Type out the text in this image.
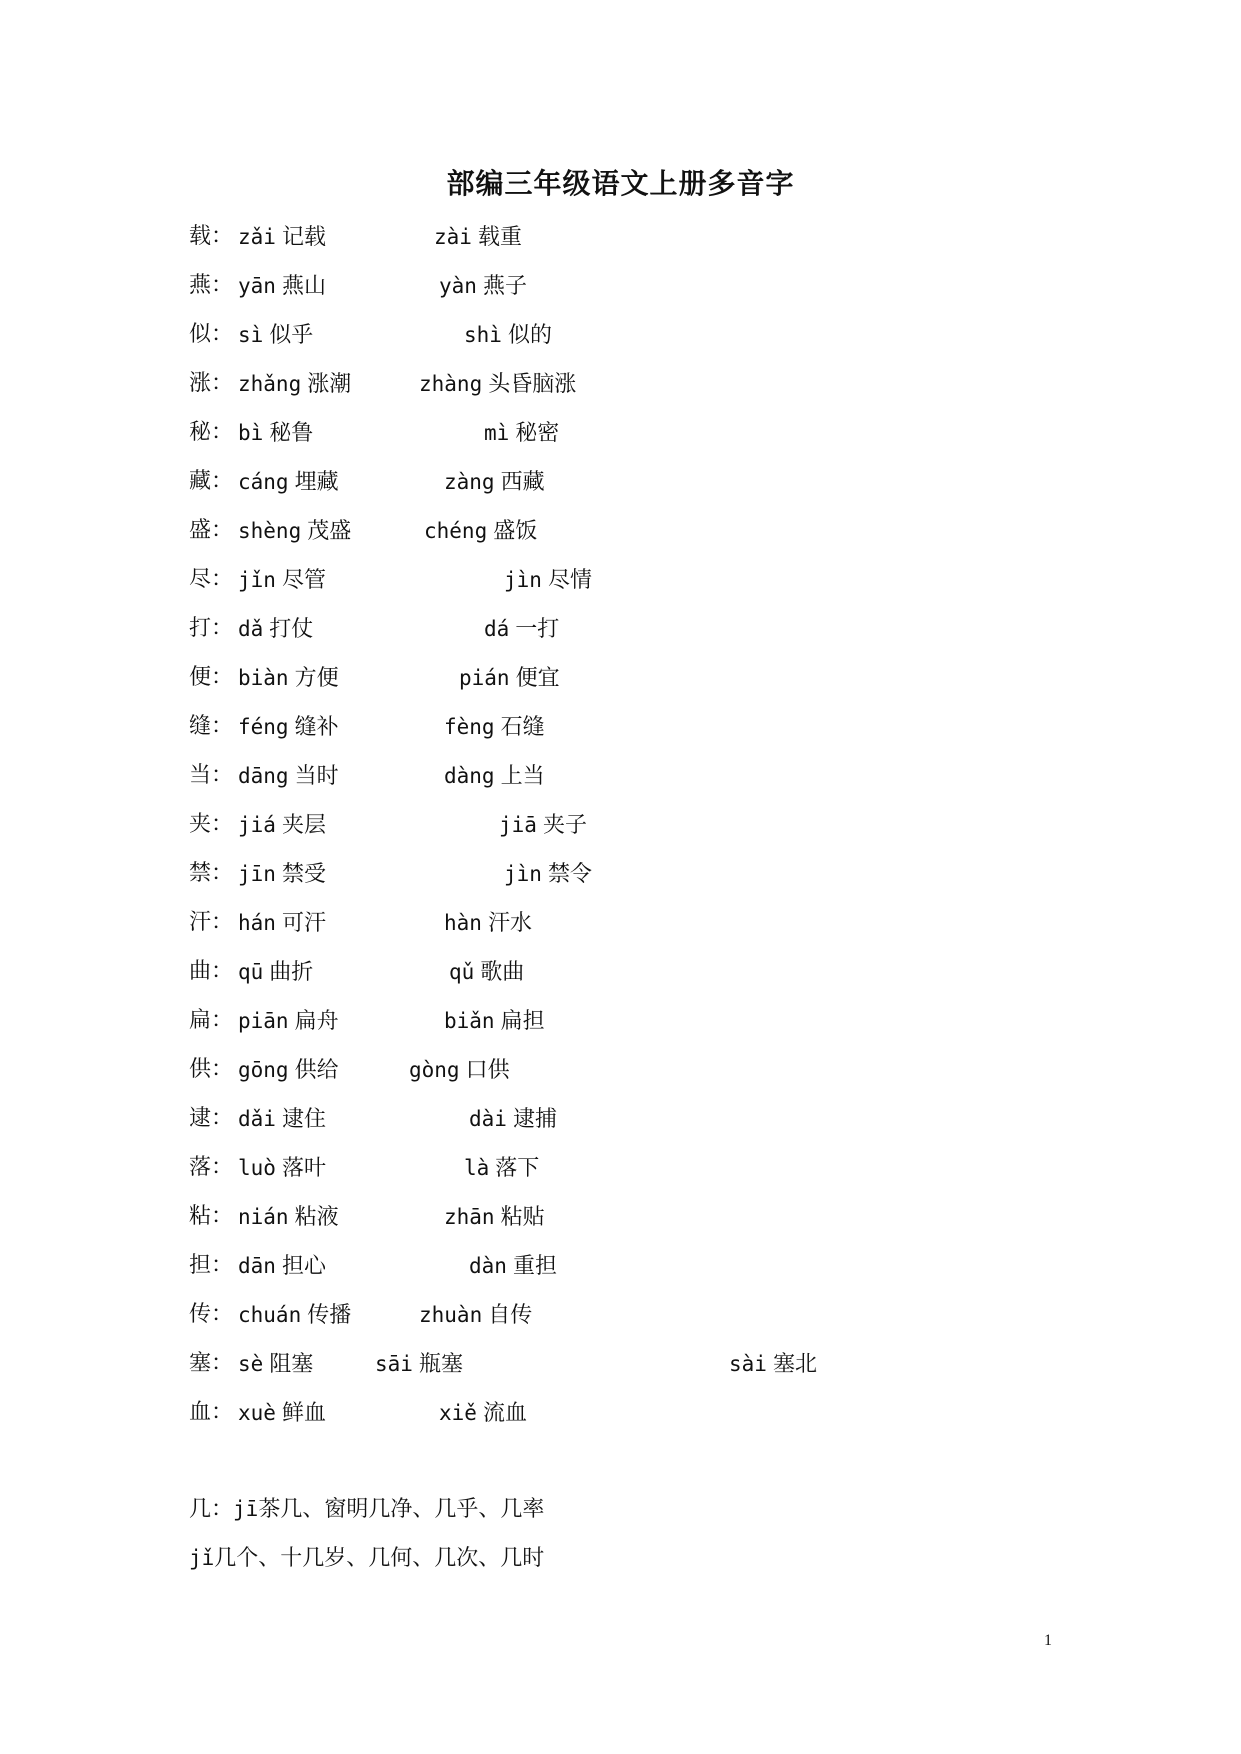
部编三年级语文上册多音字
载： zǎi 记载	zài 载重
燕： yān 燕山	yàn 燕子
似： sì 似乎	shì 似的
涨： zhǎng 涨潮	zhàng 头昏脑涨
秘： bì 秘鲁	mì 秘密
藏： cáng 埋藏	zàng 西藏
盛： shèng 茂盛	chéng 盛饭
尽： jǐn 尽管	jìn 尽情
打： dǎ 打仗	dá 一打
便： biàn 方便	pián 便宜
缝： féng 缝补	fèng 石缝
当： dāng 当时	dàng 上当
夹： jiá 夹层	jiā 夹子
禁： jīn 禁受	jìn 禁令
汗： hán 可汗	hàn 汗水
曲： qū 曲折	qǔ 歌曲
扁： piān 扁舟	biǎn 扁担
供： gōng 供给	gòng 口供
逮： dǎi 逮住	dài 逮捕
落： luò 落叶	là 落下
粘： nián 粘液	zhān 粘贴
担： dān 担心	dàn 重担
传： chuán 传播	zhuàn 自传
塞： sè 阻塞	sāi 瓶塞	sài 塞北
血： xuè 鲜血	xiě 流血
几：jī茶几、窗明几净、几乎、几率
jǐ几个、十几岁、几何、几次、几时
1
